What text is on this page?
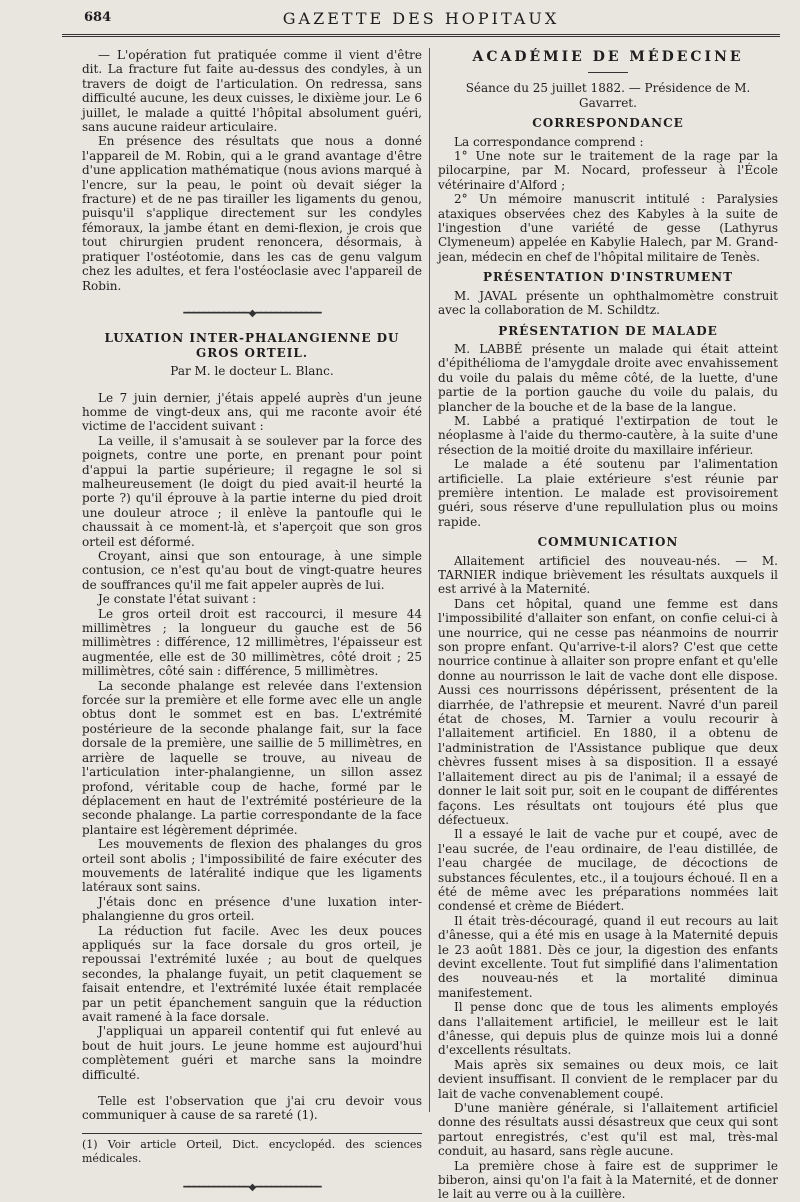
684	GAZETTE DES HOPITAUX

— L'opération fut pratiquée comme il vient d'être dit. La fracture fut faite au-dessus des condyles, à un travers de doigt de l'articulation. On redressa, sans difficulté aucune, les deux cuisses, le dixième jour. Le 6 juillet, le malade a quitté l'hôpital absolument guéri, sans aucune raideur articulaire.

En présence des résultats que nous a donné l'appareil de M. Robin, qui a le grand avantage d'être d'une application mathématique (nous avions marqué à l'encre, sur la peau, le point où devait siéger la fracture) et de ne pas tirailler les ligaments du genou, puisqu'il s'applique directement sur les condyles fémoraux, la jambe étant en demi-flexion, je crois que tout chirurgien prudent renoncera, désormais, à pratiquer l'ostéotomie, dans les cas de genu valgum chez les adultes, et fera l'ostéoclasie avec l'appareil de Robin.

━━━━━━━━━━━━━◆━━━━━━━━━━━━━
LUXATION INTER-PHALANGIENNE DU GROS ORTEIL.

Par M. le docteur L. Blanc.

Le 7 juin dernier, j'étais appelé auprès d'un jeune homme de vingt-deux ans, qui me raconte avoir été victime de l'accident suivant :

La veille, il s'amusait à se soulever par la force des poignets, contre une porte, en prenant pour point d'appui la partie supérieure; il regagne le sol si malheureusement (le doigt du pied avait-il heurté la porte ?) qu'il éprouve à la partie interne du pied droit une douleur atroce ; il enlève la pantoufle qui le chaussait à ce moment-là, et s'aperçoit que son gros orteil est déformé.

Croyant, ainsi que son entourage, à une simple contusion, ce n'est qu'au bout de vingt-quatre heures de souffrances qu'il me fait appeler auprès de lui.

Je constate l'état suivant :

Le gros orteil droit est raccourci, il mesure 44 millimètres ; la longueur du gauche est de 56 millimètres : différence, 12 millimètres, l'épaisseur est augmentée, elle est de 30 millimètres, côté droit ; 25 millimètres, côté sain : différence, 5 millimètres.

La seconde phalange est relevée dans l'extension forcée sur la première et elle forme avec elle un angle obtus dont le sommet est en bas. L'extrémité postérieure de la seconde phalange fait, sur la face dorsale de la première, une saillie de 5 millimètres, en arrière de laquelle se trouve, au niveau de l'articulation inter-phalangienne, un sillon assez profond, véritable coup de hache, formé par le déplacement en haut de l'extrémité postérieure de la seconde phalange. La partie correspondante de la face plantaire est légèrement déprimée.

Les mouvements de flexion des phalanges du gros orteil sont abolis ; l'impossibilité de faire exécuter des mouvements de latéralité indique que les ligaments latéraux sont sains.

J'étais donc en présence d'une luxation inter-phalangienne du gros orteil.

La réduction fut facile. Avec les deux pouces appliqués sur la face dorsale du gros orteil, je repoussai l'extrémité luxée ; au bout de quelques secondes, la phalange fuyait, un petit claquement se faisait entendre, et l'extrémité luxée était remplacée par un petit épanchement sanguin que la réduction avait ramené à la face dorsale.

J'appliquai un appareil contentif qui fut enlevé au bout de huit jours. Le jeune homme est aujourd'hui complètement guéri et marche sans la moindre difficulté.

Telle est l'observation que j'ai cru devoir vous communiquer à cause de sa rareté (1).

(1) Voir article Orteil, Dict. encyclopéd. des sciences médicales.

━━━━━━━━━━━━━◆━━━━━━━━━━━━━
ACADÉMIE DE MÉDECINE

Séance du 25 juillet 1882. — Présidence de M. Gavarret.

CORRESPONDANCE

La correspondance comprend :

1° Une note sur le traitement de la rage par la pilocarpine, par M. Nocard, professeur à l'École vétérinaire d'Alford ;

2° Un mémoire manuscrit intitulé : Paralysies ataxiques observées chez des Kabyles à la suite de l'ingestion d'une variété de gesse (Lathyrus Clymeneum) appelée en Kabylie Halech, par M. Grand-jean, médecin en chef de l'hôpital militaire de Tenès.

PRÉSENTATION D'INSTRUMENT

M. JAVAL présente un ophthalmomètre construit avec la collaboration de M. Schildtz.

PRÉSENTATION DE MALADE

M. LABBÉ présente un malade qui était atteint d'épithélioma de l'amygdale droite avec envahissement du voile du palais du même côté, de la luette, d'une partie de la portion gauche du voile du palais, du plancher de la bouche et de la base de la langue.

M. Labbé a pratiqué l'extirpation de tout le néoplasme à l'aide du thermo-cautère, à la suite d'une résection de la moitié droite du maxillaire inférieur.

Le malade a été soutenu par l'alimentation artificielle. La plaie extérieure s'est réunie par première intention. Le malade est provisoirement guéri, sous réserve d'une repullulation plus ou moins rapide.

COMMUNICATION

Allaitement artificiel des nouveau-nés. — M. TARNIER indique brièvement les résultats auxquels il est arrivé à la Maternité.

Dans cet hôpital, quand une femme est dans l'impossibilité d'allaiter son enfant, on confie celui-ci à une nourrice, qui ne cesse pas néanmoins de nourrir son propre enfant. Qu'arrive-t-il alors? C'est que cette nourrice continue à allaiter son propre enfant et qu'elle donne au nourrisson le lait de vache dont elle dispose. Aussi ces nourrissons dépérissent, présentent de la diarrhée, de l'athrepsie et meurent. Navré d'un pareil état de choses, M. Tarnier a voulu recourir à l'allaitement artificiel. En 1880, il a obtenu de l'administration de l'Assistance publique que deux chèvres fussent mises à sa disposition. Il a essayé l'allaitement direct au pis de l'animal; il a essayé de donner le lait soit pur, soit en le coupant de différentes façons. Les résultats ont toujours été plus que défectueux.

Il a essayé le lait de vache pur et coupé, avec de l'eau sucrée, de l'eau ordinaire, de l'eau distillée, de l'eau chargée de mucilage, de décoctions de substances féculentes, etc., il a toujours échoué. Il en a été de même avec les préparations nommées lait condensé et crème de Biédert.

Il était très-découragé, quand il eut recours au lait d'ânesse, qui a été mis en usage à la Maternité depuis le 23 août 1881. Dès ce jour, la digestion des enfants devint excellente. Tout fut simplifié dans l'alimentation des nouveau-nés et la mortalité diminua manifestement.

Il pense donc que de tous les aliments employés dans l'allaitement artificiel, le meilleur est le lait d'ânesse, qui depuis plus de quinze mois lui a donné d'excellents résultats.

Mais après six semaines ou deux mois, ce lait devient insuffisant. Il convient de le remplacer par du lait de vache convenablement coupé.

D'une manière générale, si l'allaitement artificiel donne des résultats aussi désastreux que ceux qui sont partout enregistrés, c'est qu'il est mal, très-mal conduit, au hasard, sans règle aucune.

La première chose à faire est de supprimer le biberon, ainsi qu'on l'a fait à la Maternité, et de donner le lait au verre ou à la cuillère.
